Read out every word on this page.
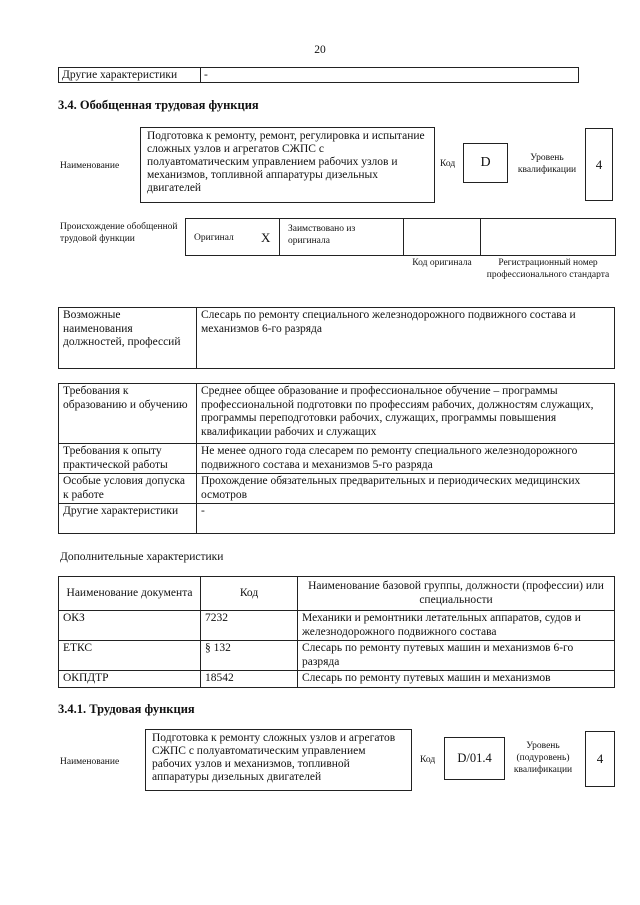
20
Другие характеристики -
3.4. Обобщенная трудовая функция
Наименование
Подготовка к ремонту, ремонт, регулировка и испытание сложных узлов и агрегатов СЖПС с полуавтоматическим управлением рабочих узлов и механизмов, топливной аппаратуры дизельных двигателей
Код	D	Уровень квалификации	4
Происхождение обобщенной трудовой функции	Оригинал X
Заимствовано из оригинала
Код оригинала	Регистрационный номер профессионального стандарта
Возможные наименования должностей, профессий	Слесарь по ремонту специального железнодорожного подвижного состава и механизмов 6-го разряда
Требования к образованию и обучению	Среднее общее образование и профессиональное обучение – программы профессиональной подготовки по профессиям рабочих, должностям служащих, программы переподготовки рабочих, служащих, программы повышения квалификации рабочих и служащих
Требования к опыту практической работы	Не менее одного года слесарем по ремонту специального железнодорожного подвижного состава и механизмов 5-го разряда
Особые условия допуска к работе	Прохождение обязательных предварительных и периодических медицинских осмотров
Другие характеристики	-
Дополнительные характеристики
Наименование документа	Код	Наименование базовой группы, должности (профессии) или специальности
ОКЗ	7232	Механики и ремонтники летательных аппаратов, судов и железнодорожного подвижного состава
ЕТКС	§ 132	Слесарь по ремонту путевых машин и механизмов 6-го разряда
ОКПДТР	18542	Слесарь по ремонту путевых машин и механизмов
3.4.1. Трудовая функция
Наименование
Подготовка к ремонту сложных узлов и агрегатов СЖПС с полуавтоматическим управлением рабочих узлов и механизмов, топливной аппаратуры дизельных двигателей
Код	D/01.4
Уровень (подуровень) квалификации
4
